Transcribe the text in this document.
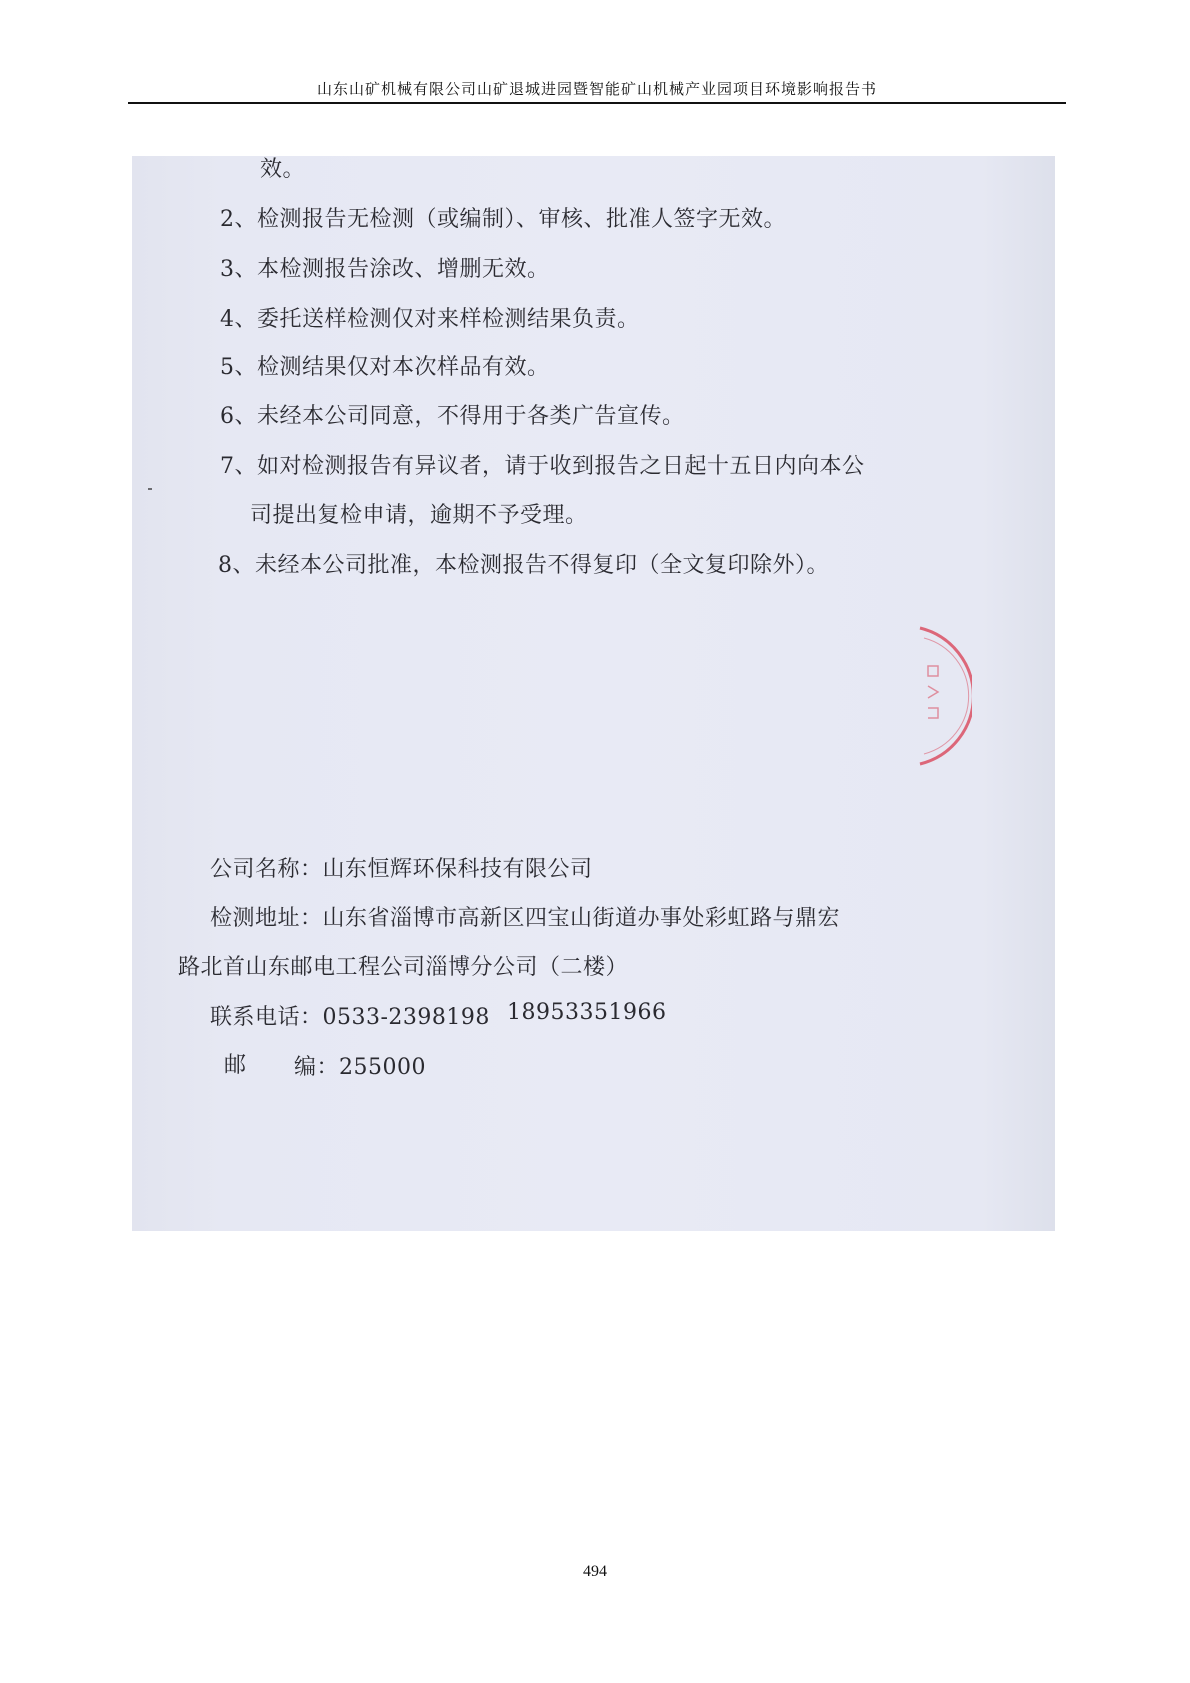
山东山矿机械有限公司山矿退城进园暨智能矿山机械产业园项目环境影响报告书
效。
2、检测报告无检测（或编制）、审核、批准人签字无效。
3、本检测报告涂改、增删无效。
4、委托送样检测仅对来样检测结果负责。
5、检测结果仅对本次样品有效。
6、未经本公司同意，不得用于各类广告宣传。
7、如对检测报告有异议者，请于收到报告之日起十五日内向本公
司提出复检申请，逾期不予受理。
8、未经本公司批准，本检测报告不得复印（全文复印除外）。
公司名称：山东恒辉环保科技有限公司
检测地址：山东省淄博市高新区四宝山街道办事处彩虹路与鼎宏
路北首山东邮电工程公司淄博分公司（二楼）
联系电话：0533-2398198 18953351966
邮 编：255000
494
